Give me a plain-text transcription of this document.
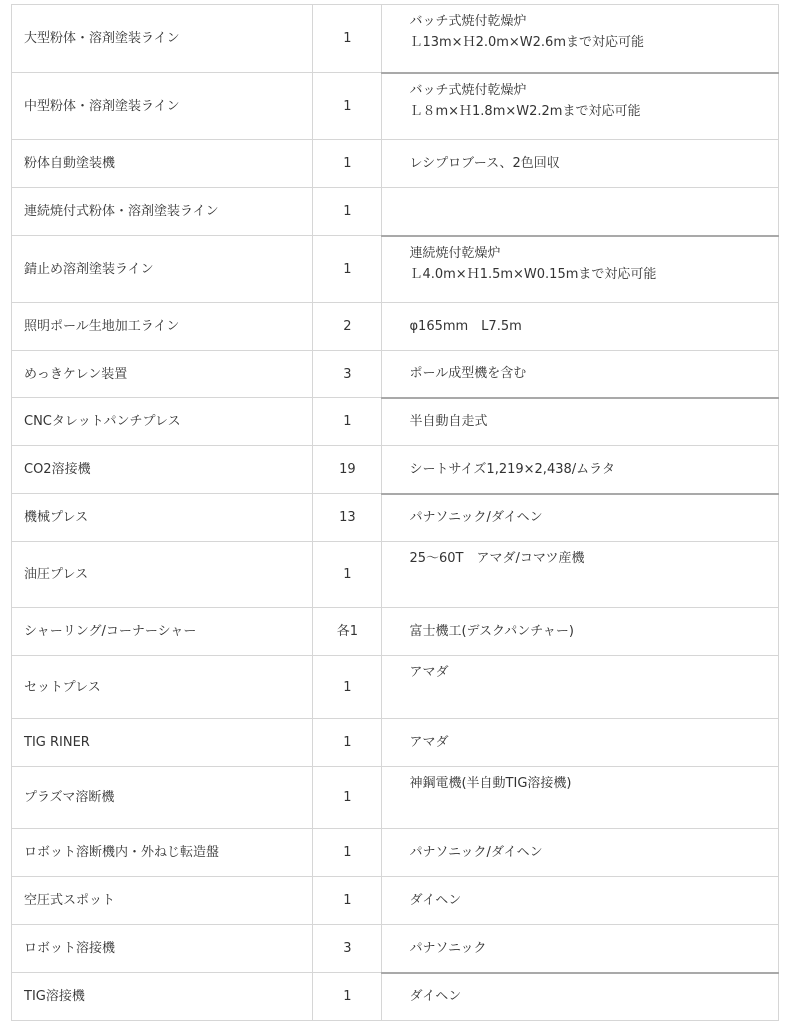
大型粉体・溶剤塗装ライン	1	バッチ式焼付乾燥炉
Ｌ13m×Ｈ2.0m×W2.6mまで対応可能

中型粉体・溶剤塗装ライン	1	バッチ式焼付乾燥炉
Ｌ８m×Ｈ1.8m×W2.2mまで対応可能

粉体自動塗装機	1	レシプロブース、2色回収

連続焼付式粉体・溶剤塗装ライン	1	
錆止め溶剤塗装ライン	1	連続焼付乾燥炉
Ｌ4.0m×Ｈ1.5m×W0.15mまで対応可能

照明ポール生地加工ライン	2	φ165mm　L7.5m

めっきケレン装置	3	ポール成型機を含む

CNCタレットパンチプレス	1	半自動自走式

CO2溶接機	19	シートサイズ1,219×2,438/ムラタ

機械プレス	13	パナソニック/ダイヘン

油圧プレス	1	25～60T　アマダ/コマツ産機

シャーリング/コーナーシャー	各1	富士機工(デスクパンチャー)

セットプレス	1	アマダ

TIG RINER	1	アマダ

プラズマ溶断機	1	神鋼電機(半自動TIG溶接機)

ロボット溶断機内・外ねじ転造盤	1	パナソニック/ダイヘン

空圧式スポット	1	ダイヘン

ロボット溶接機	3	パナソニック

TIG溶接機	1	ダイヘン
